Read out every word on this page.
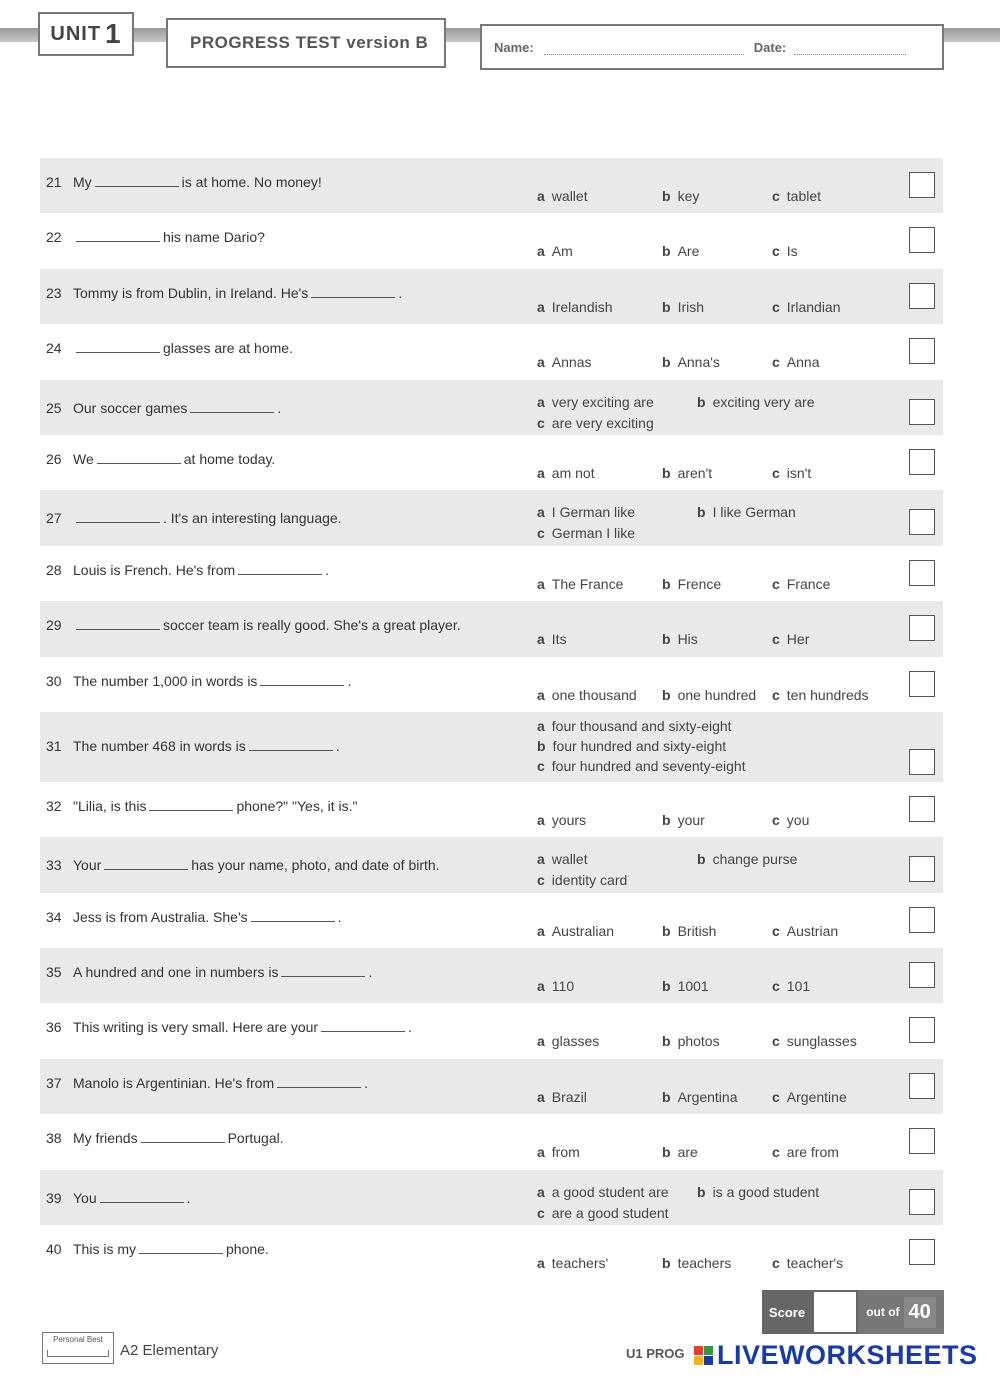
UNIT 1	PROGRESS TEST version B	Name:	Date:
21 My	is at home. No money!
a wallet	b key	c tablet
22	his name Dario?
a Am	b Are	c Is
23 Tommy is from Dublin, in Ireland. He's	.
a Irelandish	b Irish	c Irlandian
24	glasses are at home.
a Annas	b Anna's	c Anna
25 Our soccer games	.	a very exciting are	b exciting very are
c are very exciting
26 We	at home today.
a am not	b aren't	c isn't
27	. It's an interesting language.	a I German like	b I like German
c German I like
28 Louis is French. He's from	.
a The France	b Frence	c France
29	soccer team is really good. She's a great player.
a Its	b His	c Her
30 The number 1,000 in words is	.
a one thousand b one hundred c ten hundreds
31 The number 468 in words is	.
a four thousand and sixty-eight
b four hundred and sixty-eight
c four hundred and seventy-eight
32 "Lilia, is this	phone?" "Yes, it is."
a yours	b your	c you
33 Your	has your name, photo, and date of birth.	a wallet	b change purse
c identity card
34 Jess is from Australia. She's	.
a Australian	b British	c Austrian
35 A hundred and one in numbers is	.
a 110	b 1001	c 101
36 This writing is very small. Here are your	.
a glasses	b photos	c sunglasses
37 Manolo is Argentinian. He's from	.
a Brazil	b Argentina c Argentine
38 My friends	Portugal.
a from	b are	c are from
39 You	.	a a good student are b is a good student
c are a good student
40 This is my	phone.
a teachers'	b teachers	c teacher's
Score	out of 40
Personal Best
A2 Elementary	U1 PROG LIVEWORKSHEETS
